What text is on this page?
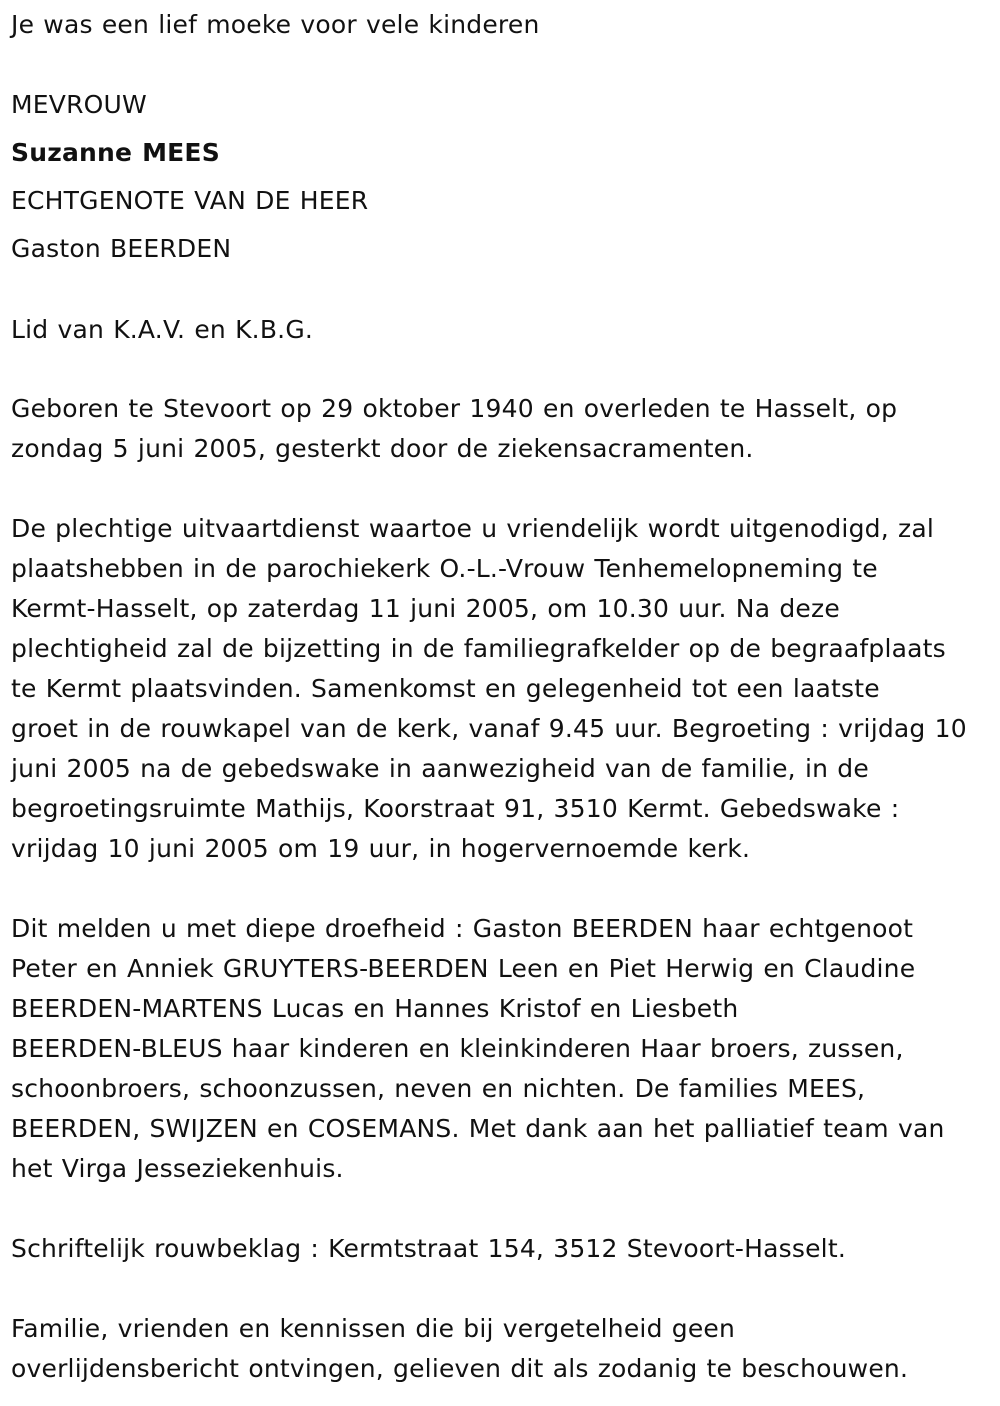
Je was een lief moeke voor vele kinderen
MEVROUW
Suzanne MEES
ECHTGENOTE VAN DE HEER
Gaston BEERDEN
Lid van K.A.V. en K.B.G.
Geboren te Stevoort op 29 oktober 1940 en overleden te Hasselt, op
zondag 5 juni 2005, gesterkt door de ziekensacramenten.
De plechtige uitvaartdienst waartoe u vriendelijk wordt uitgenodigd, zal
plaatshebben in de parochiekerk O.-L.-Vrouw Tenhemelopneming te
Kermt-Hasselt, op zaterdag 11 juni 2005, om 10.30 uur. Na deze
plechtigheid zal de bijzetting in de familiegrafkelder op de begraafplaats
te Kermt plaatsvinden. Samenkomst en gelegenheid tot een laatste
groet in de rouwkapel van de kerk, vanaf 9.45 uur. Begroeting : vrijdag 10
juni 2005 na de gebedswake in aanwezigheid van de familie, in de
begroetingsruimte Mathijs, Koorstraat 91, 3510 Kermt. Gebedswake :
vrijdag 10 juni 2005 om 19 uur, in hogervernoemde kerk.
Dit melden u met diepe droefheid : Gaston BEERDEN haar echtgenoot
Peter en Anniek GRUYTERS-BEERDEN Leen en Piet Herwig en Claudine
BEERDEN-MARTENS Lucas en Hannes Kristof en Liesbeth
BEERDEN-BLEUS haar kinderen en kleinkinderen Haar broers, zussen,
schoonbroers, schoonzussen, neven en nichten. De families MEES,
BEERDEN, SWIJZEN en COSEMANS. Met dank aan het palliatief team van
het Virga Jesseziekenhuis.
Schriftelijk rouwbeklag : Kermtstraat 154, 3512 Stevoort-Hasselt.
Familie, vrienden en kennissen die bij vergetelheid geen
overlijdensbericht ontvingen, gelieven dit als zodanig te beschouwen.
